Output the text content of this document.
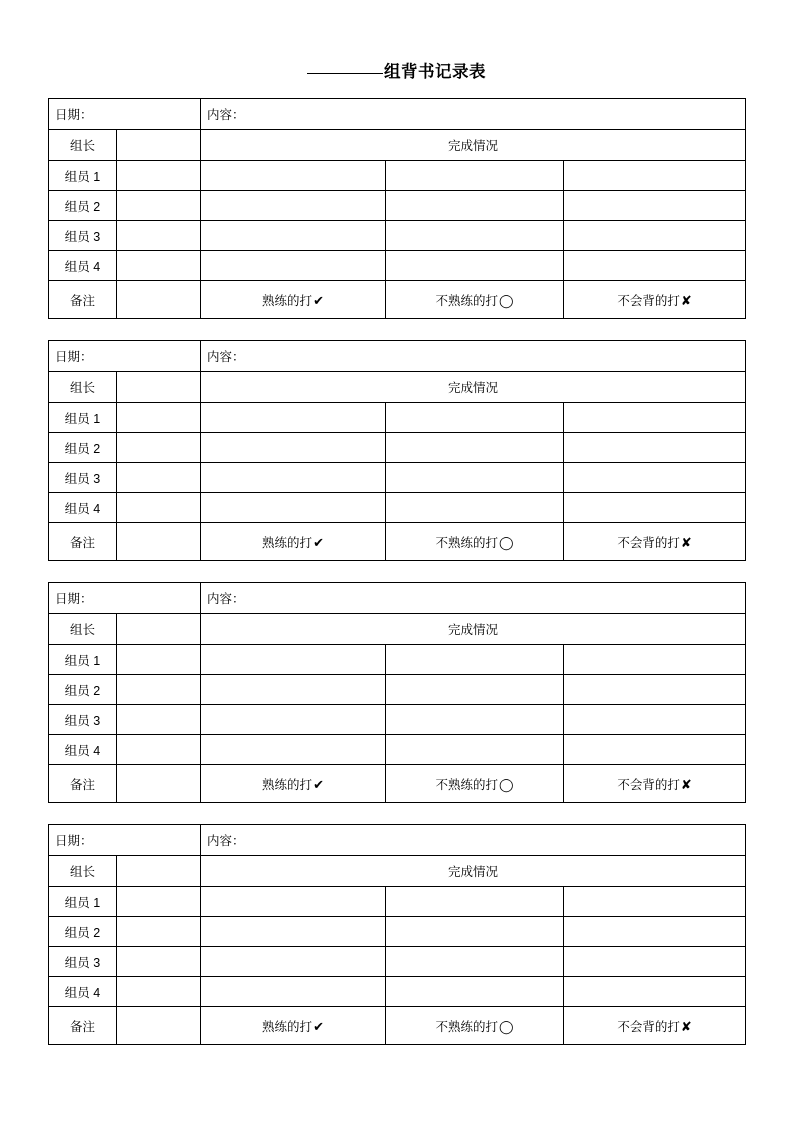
组背书记录表
日期：		内容：		
组长		完成情况		
组员 1				
组员 2				
组员 3				
组员 4				
备注		熟练的打✔	不熟练的打◯	不会背的打✘
日期：		内容：		
组长		完成情况		
组员 1				
组员 2				
组员 3				
组员 4				
备注		熟练的打✔	不熟练的打◯	不会背的打✘
日期：		内容：		
组长		完成情况		
组员 1				
组员 2				
组员 3				
组员 4				
备注		熟练的打✔	不熟练的打◯	不会背的打✘
日期：		内容：		
组长		完成情况		
组员 1				
组员 2				
组员 3				
组员 4				
备注		熟练的打✔	不熟练的打◯	不会背的打✘
